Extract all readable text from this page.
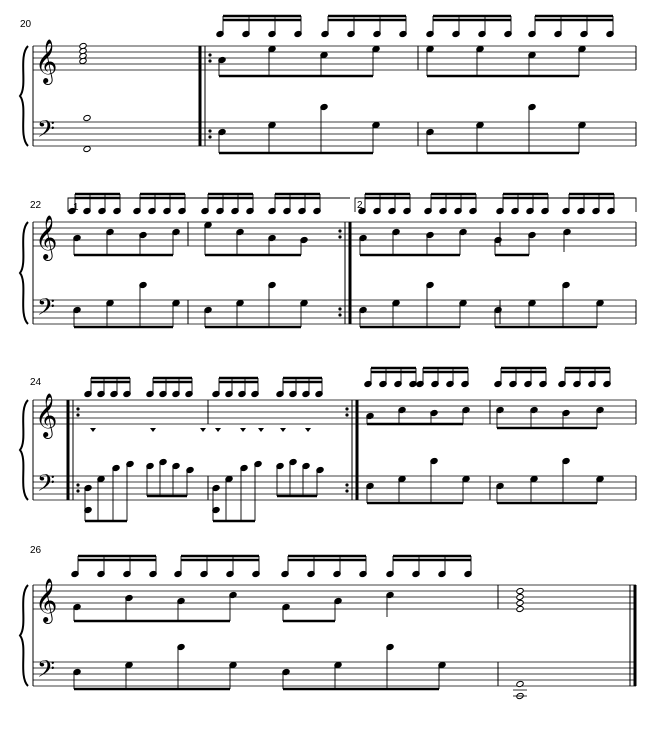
𝄞
𝄢
𝄞
𝄢
𝄞
𝄢
𝄞
𝄢
20
22
24
26
1	2
